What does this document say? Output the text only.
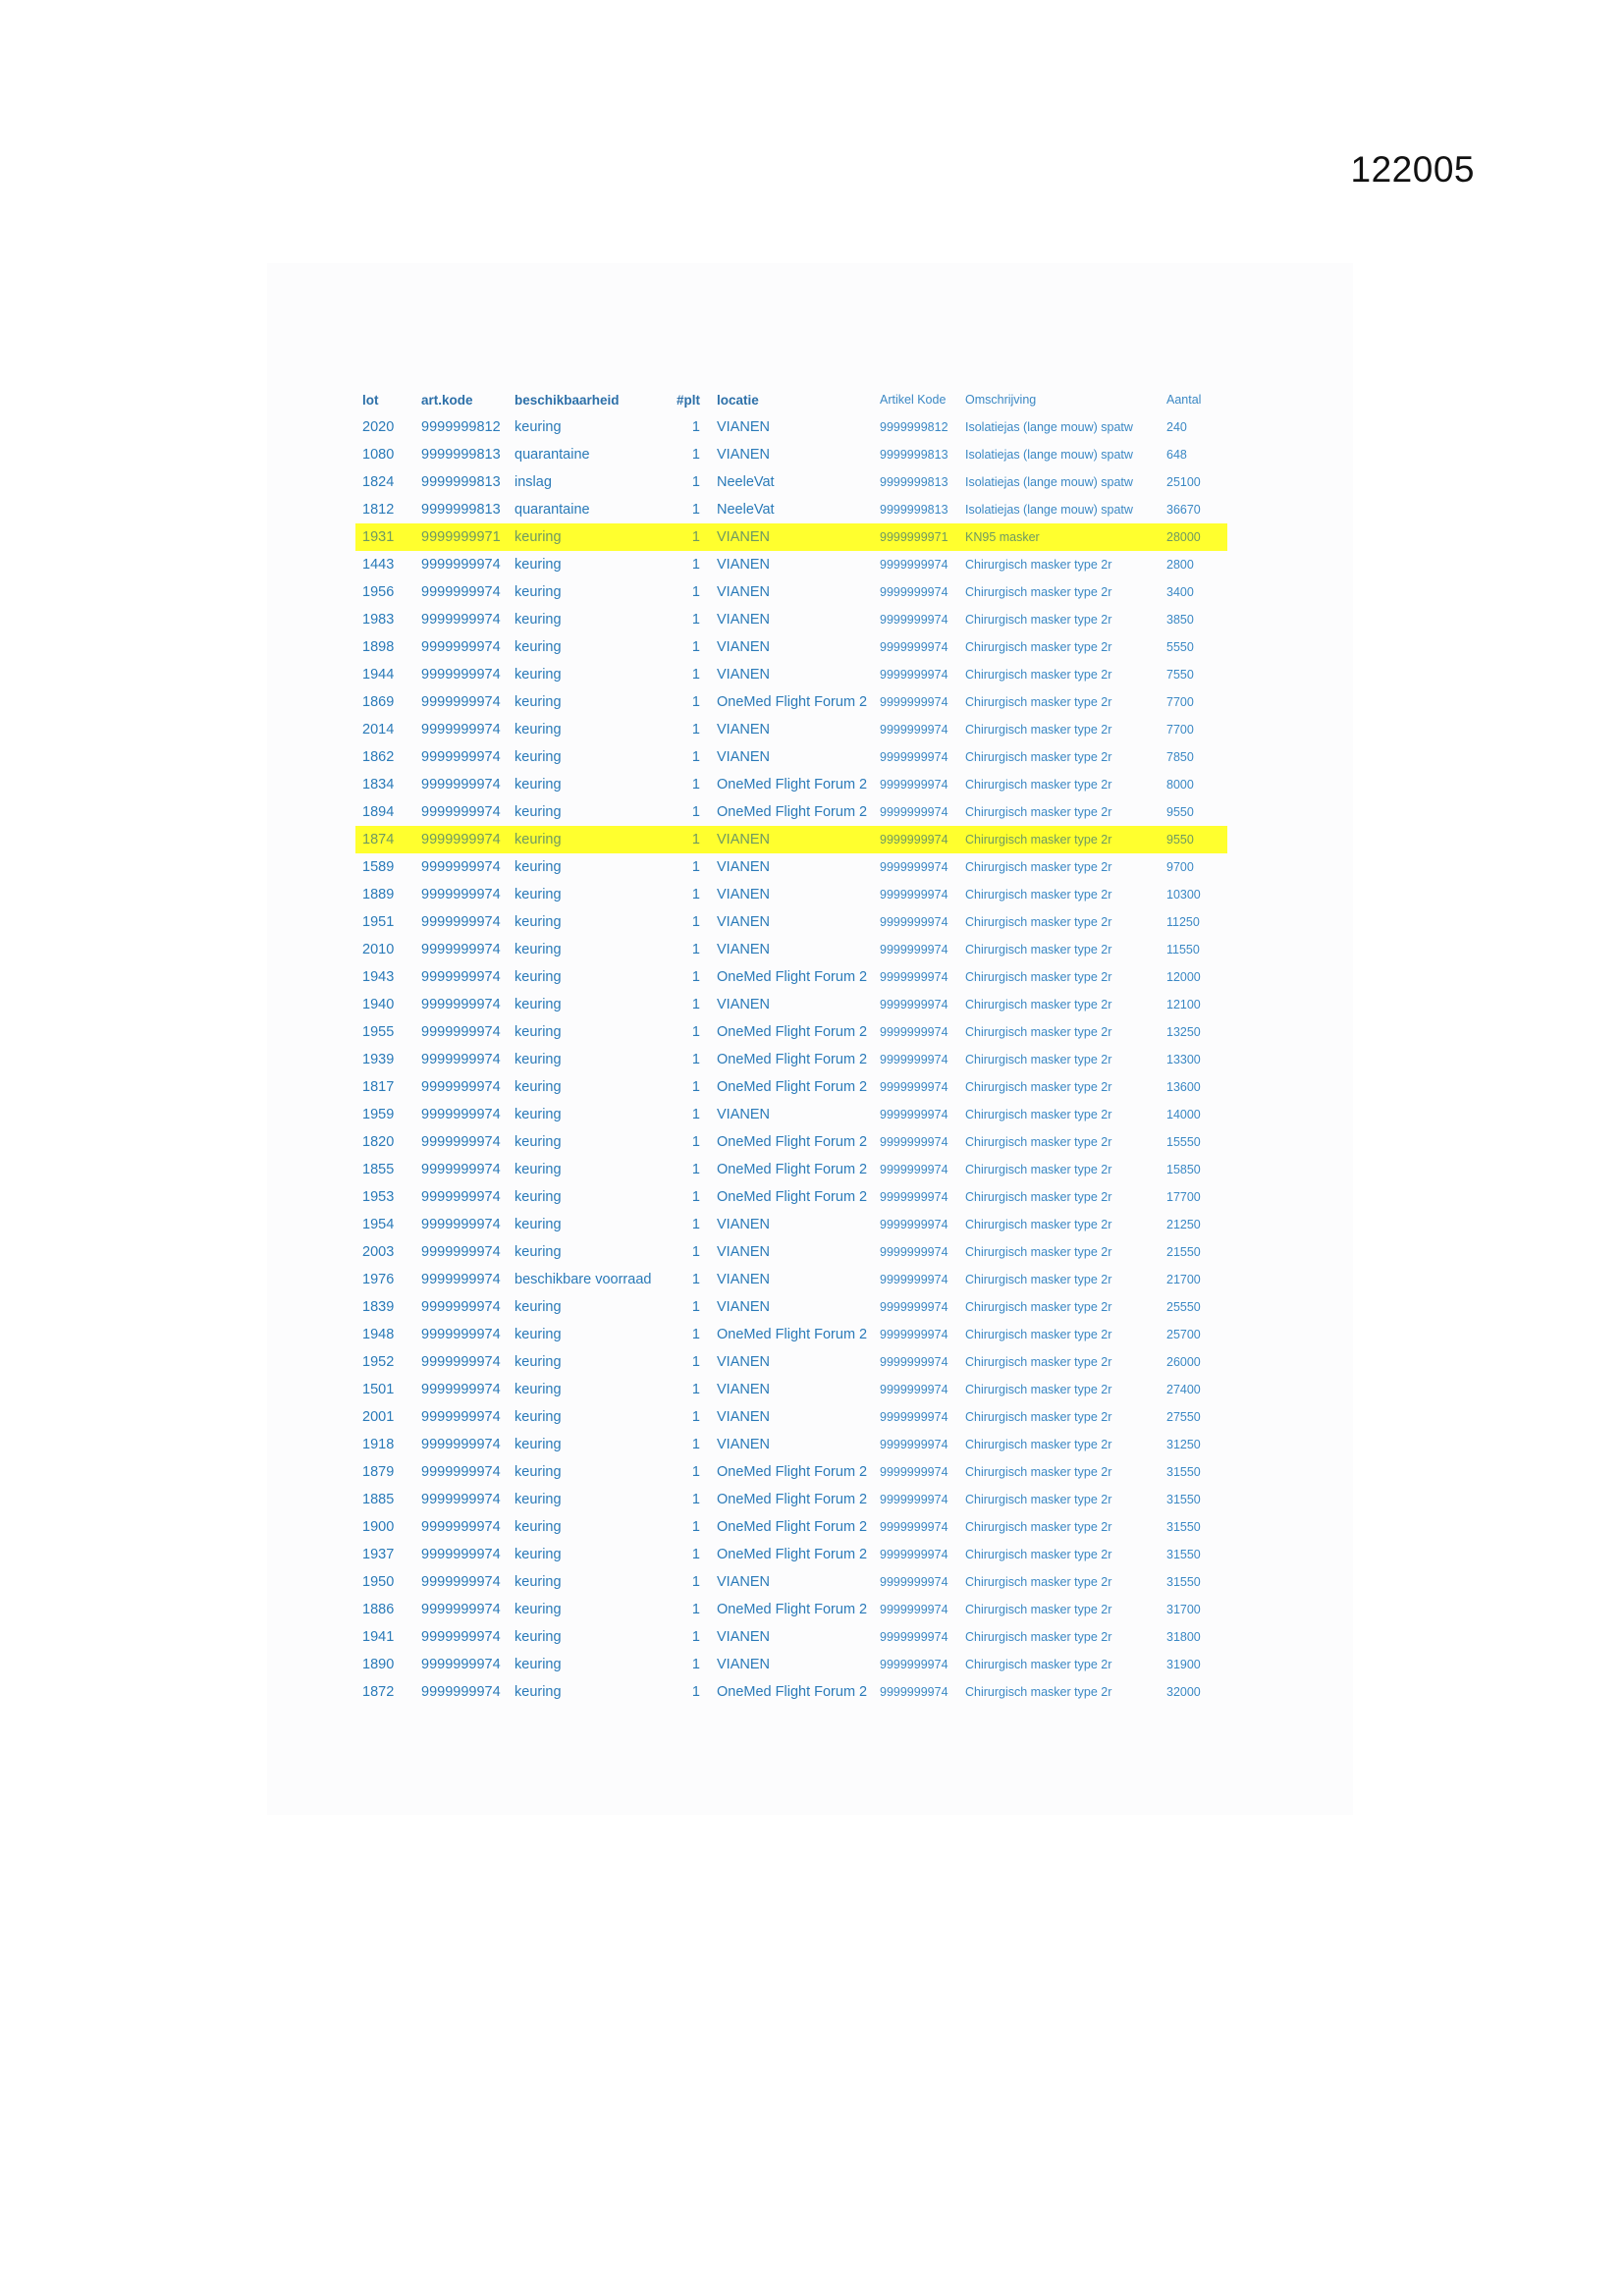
122005
lot	art.kode	beschikbaarheid	#plt	locatie	Artikel Kode	Omschrijving	Aantal
2020	9999999812	keuring	1	VIANEN	9999999812	Isolatiejas (lange mouw) spatw	240
1080	9999999813	quarantaine	1	VIANEN	9999999813	Isolatiejas (lange mouw) spatw	648
1824	9999999813	inslag	1	NeeleVat	9999999813	Isolatiejas (lange mouw) spatw	25100
1812	9999999813	quarantaine	1	NeeleVat	9999999813	Isolatiejas (lange mouw) spatw	36670
1931	9999999971	keuring	1	VIANEN	9999999971	KN95 masker	28000
1443	9999999974	keuring	1	VIANEN	9999999974	Chirurgisch masker type 2r	2800
1956	9999999974	keuring	1	VIANEN	9999999974	Chirurgisch masker type 2r	3400
1983	9999999974	keuring	1	VIANEN	9999999974	Chirurgisch masker type 2r	3850
1898	9999999974	keuring	1	VIANEN	9999999974	Chirurgisch masker type 2r	5550
1944	9999999974	keuring	1	VIANEN	9999999974	Chirurgisch masker type 2r	7550
1869	9999999974	keuring	1	OneMed Flight Forum 2	9999999974	Chirurgisch masker type 2r	7700
2014	9999999974	keuring	1	VIANEN	9999999974	Chirurgisch masker type 2r	7700
1862	9999999974	keuring	1	VIANEN	9999999974	Chirurgisch masker type 2r	7850
1834	9999999974	keuring	1	OneMed Flight Forum 2	9999999974	Chirurgisch masker type 2r	8000
1894	9999999974	keuring	1	OneMed Flight Forum 2	9999999974	Chirurgisch masker type 2r	9550
1874	9999999974	keuring	1	VIANEN	9999999974	Chirurgisch masker type 2r	9550
1589	9999999974	keuring	1	VIANEN	9999999974	Chirurgisch masker type 2r	9700
1889	9999999974	keuring	1	VIANEN	9999999974	Chirurgisch masker type 2r	10300
1951	9999999974	keuring	1	VIANEN	9999999974	Chirurgisch masker type 2r	11250
2010	9999999974	keuring	1	VIANEN	9999999974	Chirurgisch masker type 2r	11550
1943	9999999974	keuring	1	OneMed Flight Forum 2	9999999974	Chirurgisch masker type 2r	12000
1940	9999999974	keuring	1	VIANEN	9999999974	Chirurgisch masker type 2r	12100
1955	9999999974	keuring	1	OneMed Flight Forum 2	9999999974	Chirurgisch masker type 2r	13250
1939	9999999974	keuring	1	OneMed Flight Forum 2	9999999974	Chirurgisch masker type 2r	13300
1817	9999999974	keuring	1	OneMed Flight Forum 2	9999999974	Chirurgisch masker type 2r	13600
1959	9999999974	keuring	1	VIANEN	9999999974	Chirurgisch masker type 2r	14000
1820	9999999974	keuring	1	OneMed Flight Forum 2	9999999974	Chirurgisch masker type 2r	15550
1855	9999999974	keuring	1	OneMed Flight Forum 2	9999999974	Chirurgisch masker type 2r	15850
1953	9999999974	keuring	1	OneMed Flight Forum 2	9999999974	Chirurgisch masker type 2r	17700
1954	9999999974	keuring	1	VIANEN	9999999974	Chirurgisch masker type 2r	21250
2003	9999999974	keuring	1	VIANEN	9999999974	Chirurgisch masker type 2r	21550
1976	9999999974	beschikbare voorraad	1	VIANEN	9999999974	Chirurgisch masker type 2r	21700
1839	9999999974	keuring	1	VIANEN	9999999974	Chirurgisch masker type 2r	25550
1948	9999999974	keuring	1	OneMed Flight Forum 2	9999999974	Chirurgisch masker type 2r	25700
1952	9999999974	keuring	1	VIANEN	9999999974	Chirurgisch masker type 2r	26000
1501	9999999974	keuring	1	VIANEN	9999999974	Chirurgisch masker type 2r	27400
2001	9999999974	keuring	1	VIANEN	9999999974	Chirurgisch masker type 2r	27550
1918	9999999974	keuring	1	VIANEN	9999999974	Chirurgisch masker type 2r	31250
1879	9999999974	keuring	1	OneMed Flight Forum 2	9999999974	Chirurgisch masker type 2r	31550
1885	9999999974	keuring	1	OneMed Flight Forum 2	9999999974	Chirurgisch masker type 2r	31550
1900	9999999974	keuring	1	OneMed Flight Forum 2	9999999974	Chirurgisch masker type 2r	31550
1937	9999999974	keuring	1	OneMed Flight Forum 2	9999999974	Chirurgisch masker type 2r	31550
1950	9999999974	keuring	1	VIANEN	9999999974	Chirurgisch masker type 2r	31550
1886	9999999974	keuring	1	OneMed Flight Forum 2	9999999974	Chirurgisch masker type 2r	31700
1941	9999999974	keuring	1	VIANEN	9999999974	Chirurgisch masker type 2r	31800
1890	9999999974	keuring	1	VIANEN	9999999974	Chirurgisch masker type 2r	31900
1872	9999999974	keuring	1	OneMed Flight Forum 2	9999999974	Chirurgisch masker type 2r	32000
